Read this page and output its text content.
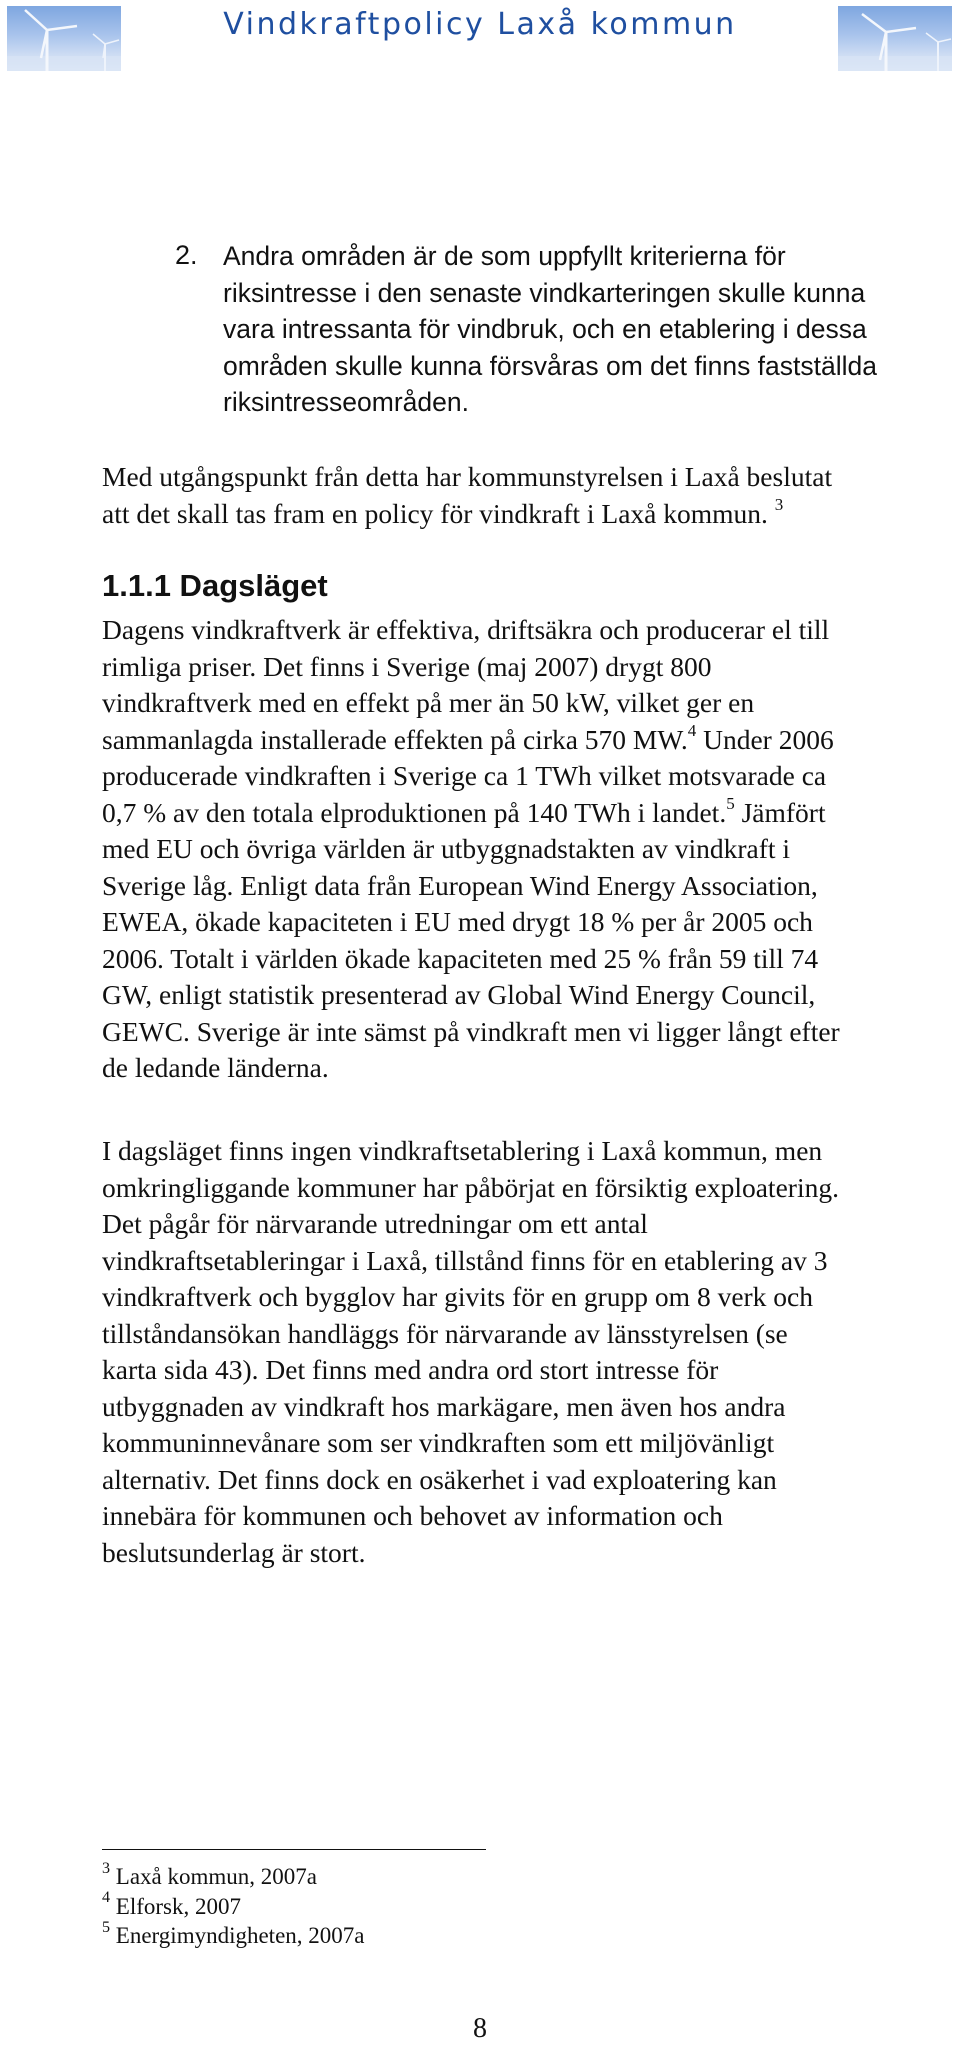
Vindkraftpolicy Laxå kommun
2. Andra områden är de som uppfyllt kriterierna för
riksintresse i den senaste vindkarteringen skulle kunna
vara intressanta för vindbruk, och en etablering i dessa
områden skulle kunna försvåras om det finns fastställda
riksintresseområden.
Med utgångspunkt från detta har kommunstyrelsen i Laxå beslutat
att det skall tas fram en policy för vindkraft i Laxå kommun. $^3$
1.1.1 Dagsläget
Dagens vindkraftverk är effektiva, driftsäkra och producerar el till
rimliga priser. Det finns i Sverige (maj 2007) drygt 800
vindkraftverk med en effekt på mer än 50 kW, vilket ger en
sammanlagda installerade effekten på cirka 570 MW.$^4$ Under 2006
producerade vindkraften i Sverige ca 1 TWh vilket motsvarade ca
0,7 % av den totala elproduktionen på 140 TWh i landet.$^5$ Jämfört
med EU och övriga världen är utbyggnadstakten av vindkraft i
Sverige låg. Enligt data från European Wind Energy Association,
EWEA, ökade kapaciteten i EU med drygt 18 % per år 2005 och
2006. Totalt i världen ökade kapaciteten med 25 % från 59 till 74
GW, enligt statistik presenterad av Global Wind Energy Council,
GEWC. Sverige är inte sämst på vindkraft men vi ligger långt efter
de ledande länderna.
I dagsläget finns ingen vindkraftsetablering i Laxå kommun, men
omkringliggande kommuner har påbörjat en försiktig exploatering.
Det pågår för närvarande utredningar om ett antal
vindkraftsetableringar i Laxå, tillstånd finns för en etablering av 3
vindkraftverk och bygglov har givits för en grupp om 8 verk och
tillståndansökan handläggs för närvarande av länsstyrelsen (se
karta sida 43). Det finns med andra ord stort intresse för
utbyggnaden av vindkraft hos markägare, men även hos andra
kommuninnevånare som ser vindkraften som ett miljövänligt
alternativ. Det finns dock en osäkerhet i vad exploatering kan
innebära för kommunen och behovet av information och
beslutsunderlag är stort.
$^3$ Laxå kommun, 2007a
$^4$ Elforsk, 2007
$^5$ Energimyndigheten, 2007a
8
